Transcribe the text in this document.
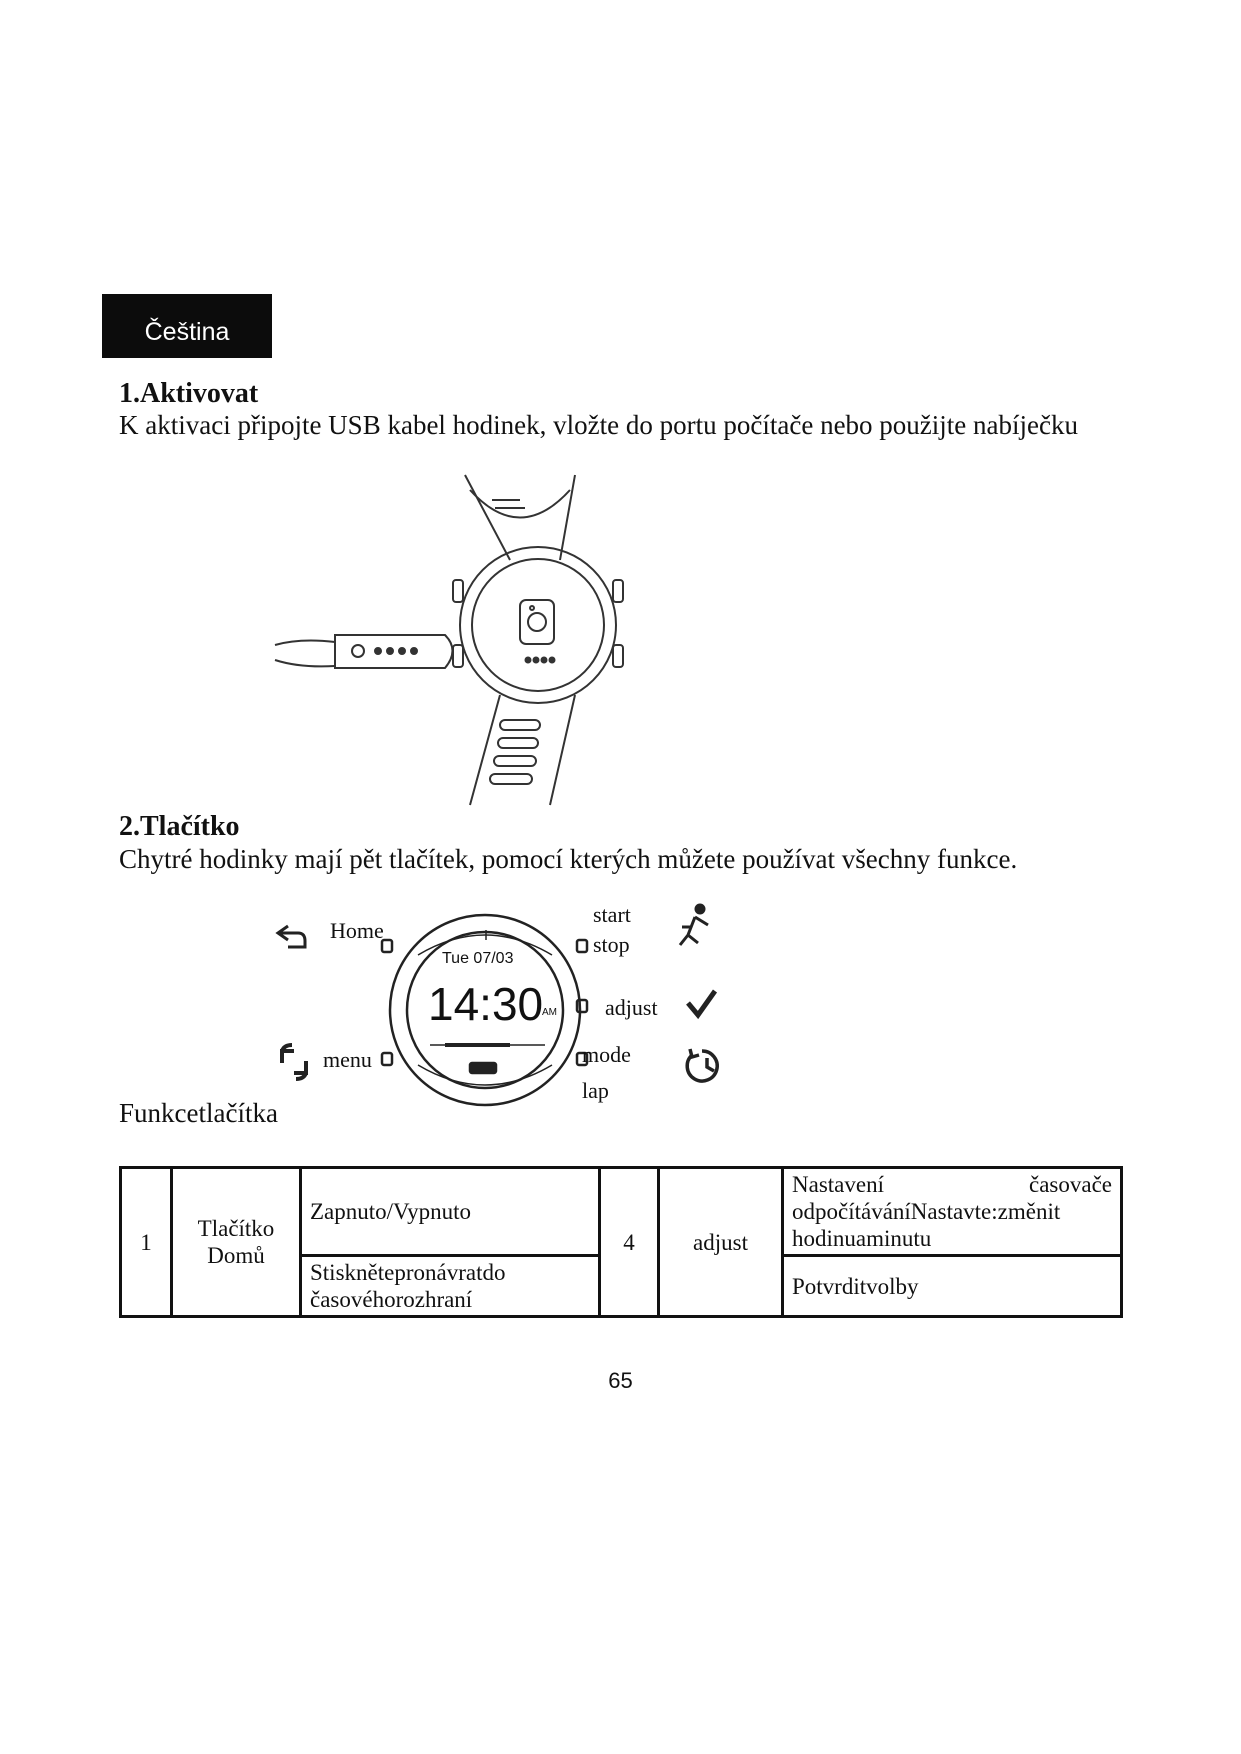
Čeština
1.Aktivovat
K aktivaci připojte USB kabel hodinek, vložte do portu počítače nebo použijte nabíječku
2.Tlačítko
Chytré hodinky mají pět tlačítek, pomocí kterých můžete používat všechny funkce.
Tue 07/03
14:30
AM
Home
menu
start
stop
adjust
mode
lap
Funkcetlačítka
1	Tlačítko Domů	Zapnuto/Vypnuto	4	adjust	Nastavení časovače odpočítáváníNastavte:změnit hodinuaminutu
		Stisknětepronávratdo časovéhorozhraní			Potvrditvolby
65
